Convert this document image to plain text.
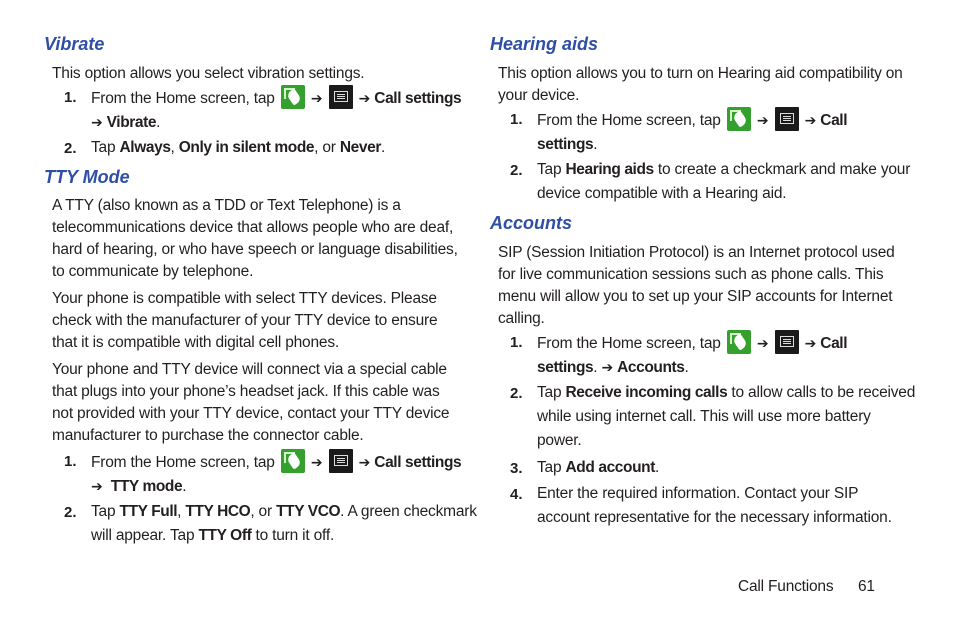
Vibrate
This option allows you select vibration settings.
1. From the Home screen, tap	➔	➔ Call settings
➔ Vibrate.
2. Tap Always, Only in silent mode, or Never.
TTY Mode
A TTY (also known as a TDD or Text Telephone) is a
telecommunications device that allows people who are deaf,
hard of hearing, or who have speech or language disabilities,
to communicate by telephone.
Your phone is compatible with select TTY devices. Please
check with the manufacturer of your TTY device to ensure
that it is compatible with digital cell phones.
Your phone and TTY device will connect via a special cable
that plugs into your phone’s headset jack. If this cable was
not provided with your TTY device, contact your TTY device
manufacturer to purchase the connector cable.
1. From the Home screen, tap	➔	➔ Call settings
➔ TTY mode.
2. Tap TTY Full, TTY HCO, or TTY VCO. A green checkmark
will appear. Tap TTY Off to turn it off.
Hearing aids
This option allows you to turn on Hearing aid compatibility on
your device.
1. From the Home screen, tap	➔	➔ Call
settings.
2. Tap Hearing aids to create a checkmark and make your
device compatible with a Hearing aid.
Accounts
SIP (Session Initiation Protocol) is an Internet protocol used
for live communication sessions such as phone calls. This
menu will allow you to set up your SIP accounts for Internet
calling.
1. From the Home screen, tap	➔	➔ Call
settings. ➔ Accounts.
2. Tap Receive incoming calls to allow calls to be received
while using internet call. This will use more battery
power.
3. Tap Add account.
4. Enter the required information. Contact your SIP
account representative for the necessary information.
Call Functions 61
